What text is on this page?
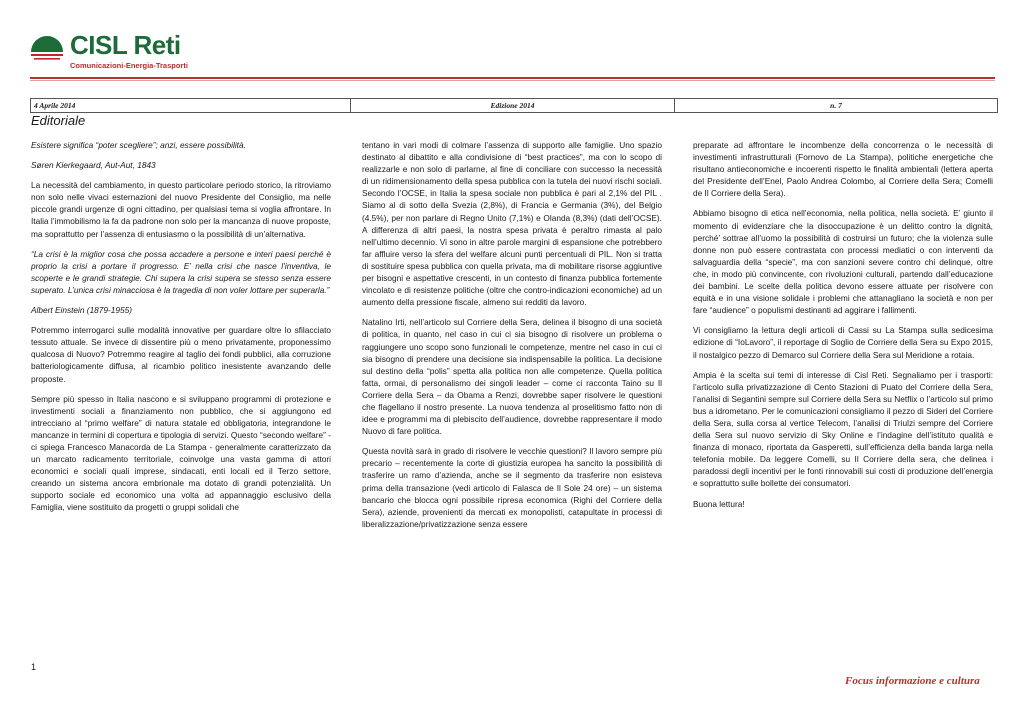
CISL Reti
Comunicazioni-Energia-Trasporti
4 Aprile 2014	Edizione 2014	n. 7
Editoriale

Esistere significa “poter scegliere”; anzi, essere possibilità.

Søren Kierkegaard, Aut-Aut, 1843

La necessità del cambiamento, in questo particolare periodo storico, la ritroviamo non solo nelle vivaci esternazioni del nuovo Presidente del Consiglio, ma nelle piccole grandi urgenze di ogni cittadino, per qualsiasi tema si voglia affrontare. In Italia l’immobilismo la fa da padrone non solo per la mancanza di nuove proposte, ma soprattutto per l’assenza di entusiasmo o la possibilità di un’alternativa.

“La crisi è la miglior cosa che possa accadere a persone e interi paesi perché è proprio la crisi a portare il progresso. E’ nella crisi che nasce l’inventiva, le scoperte e le grandi strategie. Chi supera la crisi supera se stesso senza essere superato. L’unica crisi minacciosa è la tragedia di non voler lottare per superarla.”

Albert Einstein (1879-1955)

Potremmo interrogarci sulle modalità innovative per guardare oltre lo sfilacciato tessuto attuale. Se invece di dissentire più o meno privatamente, proponessimo qualcosa di Nuovo? Potremmo reagire al taglio dei fondi pubblici, alla corruzione batteriologicamente diffusa, al ricambio politico inesistente avanzando delle proposte.

Sempre più spesso in Italia nascono e si sviluppano programmi di protezione e investimenti sociali a finanziamento non pubblico, che si aggiungono ed intrecciano al “primo welfare” di natura statale ed obbligatoria, integrandone le mancanze in termini di copertura e tipologia di servizi. Questo “secondo welfare” - ci spiega Francesco Manacorda de La Stampa - generalmente caratterizzato da un marcato radicamento territoriale, coinvolge una vasta gamma di attori economici e sociali quali imprese, sindacati, enti locali ed il Terzo settore, creando un sistema ancora embrionale ma dotato di grandi potenzialità. Un supporto sociale ed economico una volta ad appannaggio esclusivo della Famiglia, viene sostituito da progetti o gruppi solidali che

tentano in vari modi di colmare l’assenza di supporto alle famiglie. Uno spazio destinato al dibattito e alla condivisione di “best practices”, ma con lo scopo di realizzarle e non solo di parlarne, al fine di conciliare con successo la necessità di un ridimensionamento della spesa pubblica con la tutela dei nuovi rischi sociali. Secondo l’OCSE, in Italia la spesa sociale non pubblica è pari al 2,1% del PIL . Siamo al di sotto della Svezia (2,8%), di Francia e Germania (3%), del Belgio (4.5%), per non parlare di Regno Unito (7,1%) e Olanda (8,3%) (dati dell’OCSE). A differenza di altri paesi, la nostra spesa privata è peraltro rimasta al palo nell’ultimo decennio. Vi sono in altre parole margini di espansione che potrebbero far affluire verso la sfera del welfare alcuni punti percentuali di PIL. Non si tratta di sostituire spesa pubblica con quella privata, ma di mobilitare risorse aggiuntive per bisogni e aspettative crescenti, in un contesto di finanza pubblica fortemente vincolato e di resistenze politiche (oltre che contro-indicazioni economiche) ad un aumento della pressione fiscale, almeno sui redditi da lavoro.

Natalino Irti, nell’articolo sul Corriere della Sera, delinea il bisogno di una società di politica, in quanto, nel caso in cui ci sia bisogno di risolvere un problema o raggiungere uno scopo sono funzionali le competenze, mentre nel caso in cui ci sia bisogno di prendere una decisione sia indispensabile la politica. La decisione sul destino della “polis” spetta alla politica non alle competenze. Quella politica fatta, ormai, di personalismo dei singoli leader – come ci racconta Taino su Il Corriere della Sera – da Obama a Renzi, dovrebbe saper risolvere le questioni che flagellano il nostro presente. La nuova tendenza al proselitismo fatto non di idee e programmi ma di plebiscito dell’audience, dovrebbe rappresentare il modo Nuovo di fare politica.

Questa novità sarà in grado di risolvere le vecchie questioni? Il lavoro sempre più precario – recentemente la corte di giustizia europea ha sancito la possibilità di trasferire un ramo d’azienda, anche se il segmento da trasferire non esisteva prima della transazione (vedi articolo di Falasca de Il Sole 24 ore) – un sistema bancario che blocca ogni possibile ripresa economica (Righi del Corriere della Sera), aziende, provenienti da mercati ex monopolisti, catapultate in processi di liberalizzazione/privatizzazione senza essere

preparate ad affrontare le incombenze della concorrenza o le necessità di investimenti infrastrutturali (Fornovo de La Stampa), politiche energetiche che risultano antieconomiche e incoerenti rispetto le finalità ambientali (lettera aperta del Presidente dell’Enel, Paolo Andrea Colombo, al Corriere della Sera; Comelli de Il Corriere della Sera).

Abbiamo bisogno di etica nell’economia, nella politica, nella società. E’ giunto il momento di evidenziare che la disoccupazione è un delitto contro la dignità, perché’ sottrae all’uomo la possibilità di costruirsi un futuro; che la violenza sulle donne non può essere contrastata con processi mediatici o con interventi da salvaguardia della “specie”, ma con sanzioni severe contro chi delinque, oltre che, in modo più convincente, con rivoluzioni culturali, partendo dall’educazione dei bambini. Le scelte della politica devono essere attuate per risolvere con equità e in una visione solidale i problemi che attanagliano la società e non per fare “audience” o populismi destinanti ad aggirare i fallimenti.

Vi consigliamo la lettura degli articoli di Cassi su La Stampa sulla sedicesima edizione di “IoLavoro”, il reportage di Soglio de Corriere della Sera su Expo 2015, il nostalgico pezzo di Demarco sul Corriere della Sera sul Meridione a rotaia.

Ampia è la scelta sui temi di interesse di Cisl Reti. Segnaliamo per i trasporti: l’articolo sulla privatizzazione di Cento Stazioni di Puato del Corriere della Sera, l’analisi di Segantini sempre sul Corriere della Sera su Netflix o l’articolo sul primo bus a idrometano. Per le comunicazioni consigliamo il pezzo di Sideri del Corriere della Sera, sulla corsa al vertice Telecom, l’analisi di Triulzi sempre del Corriere della Sera sul nuovo servizio di Sky Online e l’indagine dell’istituto qualità e finanza di monaco, riportata da Gasperetti, sull’efficienza della banda larga nella telefonia mobile. Da leggere Comelli, su Il Corriere della sera, che delinea i paradossi degli incentivi per le fonti rinnovabili sui costi di produzione dell’energia e soprattutto sulle bollette dei consumatori.

Buona lettura!

1
Focus informazione e cultura
